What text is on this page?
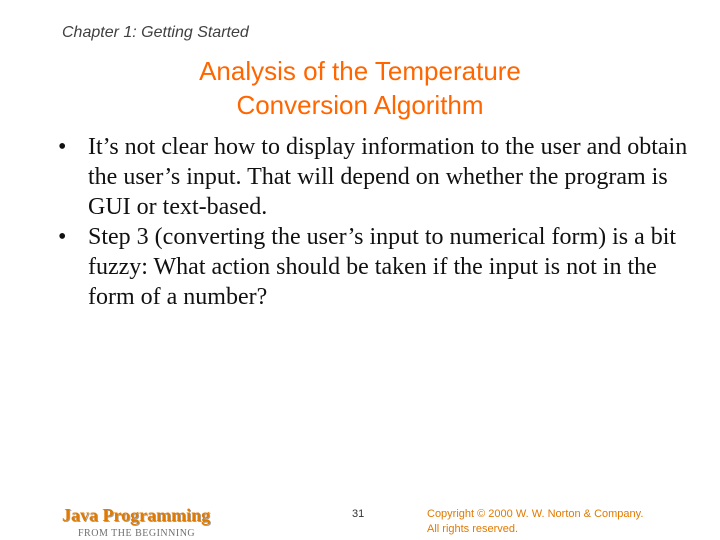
Chapter 1: Getting Started
Analysis of the Temperature
Conversion Algorithm
• It’s not clear how to display information to the user and obtain the user’s input. That will depend on whether the program is GUI or text-based.
• Step 3 (converting the user’s input to numerical form) is a bit fuzzy: What action should be taken if the input is not in the form of a number?
Java Programming
FROM THE BEGINNING
31	Copyright © 2000 W. W. Norton & Company.
All rights reserved.
